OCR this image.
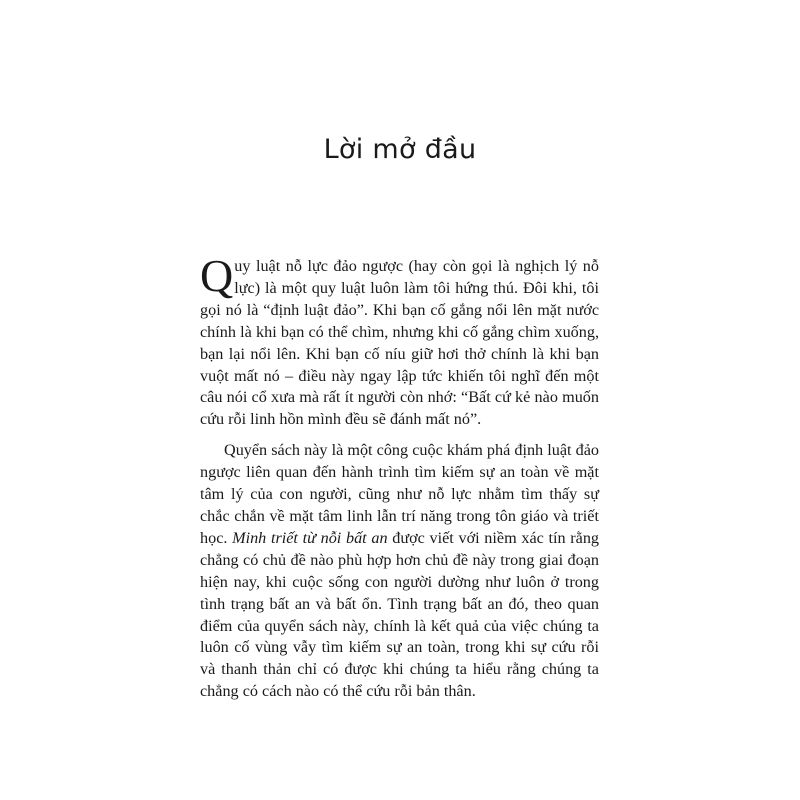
Lời mở đầu

Quy luật nỗ lực đảo ngược (hay còn gọi là nghịch lý nỗ lực) là một quy luật luôn làm tôi hứng thú. Đôi khi, tôi gọi nó là “định luật đảo”. Khi bạn cố gắng nổi lên mặt nước chính là khi bạn có thể chìm, nhưng khi cố gắng chìm xuống, bạn lại nổi lên. Khi bạn cố níu giữ hơi thở chính là khi bạn vuột mất nó – điều này ngay lập tức khiến tôi nghĩ đến một câu nói cổ xưa mà rất ít người còn nhớ: “Bất cứ kẻ nào muốn cứu rỗi linh hồn mình đều sẽ đánh mất nó”.

Quyển sách này là một công cuộc khám phá định luật đảo ngược liên quan đến hành trình tìm kiếm sự an toàn về mặt tâm lý của con người, cũng như nỗ lực nhằm tìm thấy sự chắc chắn về mặt tâm linh lẫn trí năng trong tôn giáo và triết học. Minh triết từ nỗi bất an được viết với niềm xác tín rằng chẳng có chủ đề nào phù hợp hơn chủ đề này trong giai đoạn hiện nay, khi cuộc sống con người dường như luôn ở trong tình trạng bất an và bất ổn. Tình trạng bất an đó, theo quan điểm của quyển sách này, chính là kết quả của việc chúng ta luôn cố vùng vẫy tìm kiếm sự an toàn, trong khi sự cứu rỗi và thanh thản chỉ có được khi chúng ta hiểu rằng chúng ta chẳng có cách nào có thể cứu rỗi bản thân.
